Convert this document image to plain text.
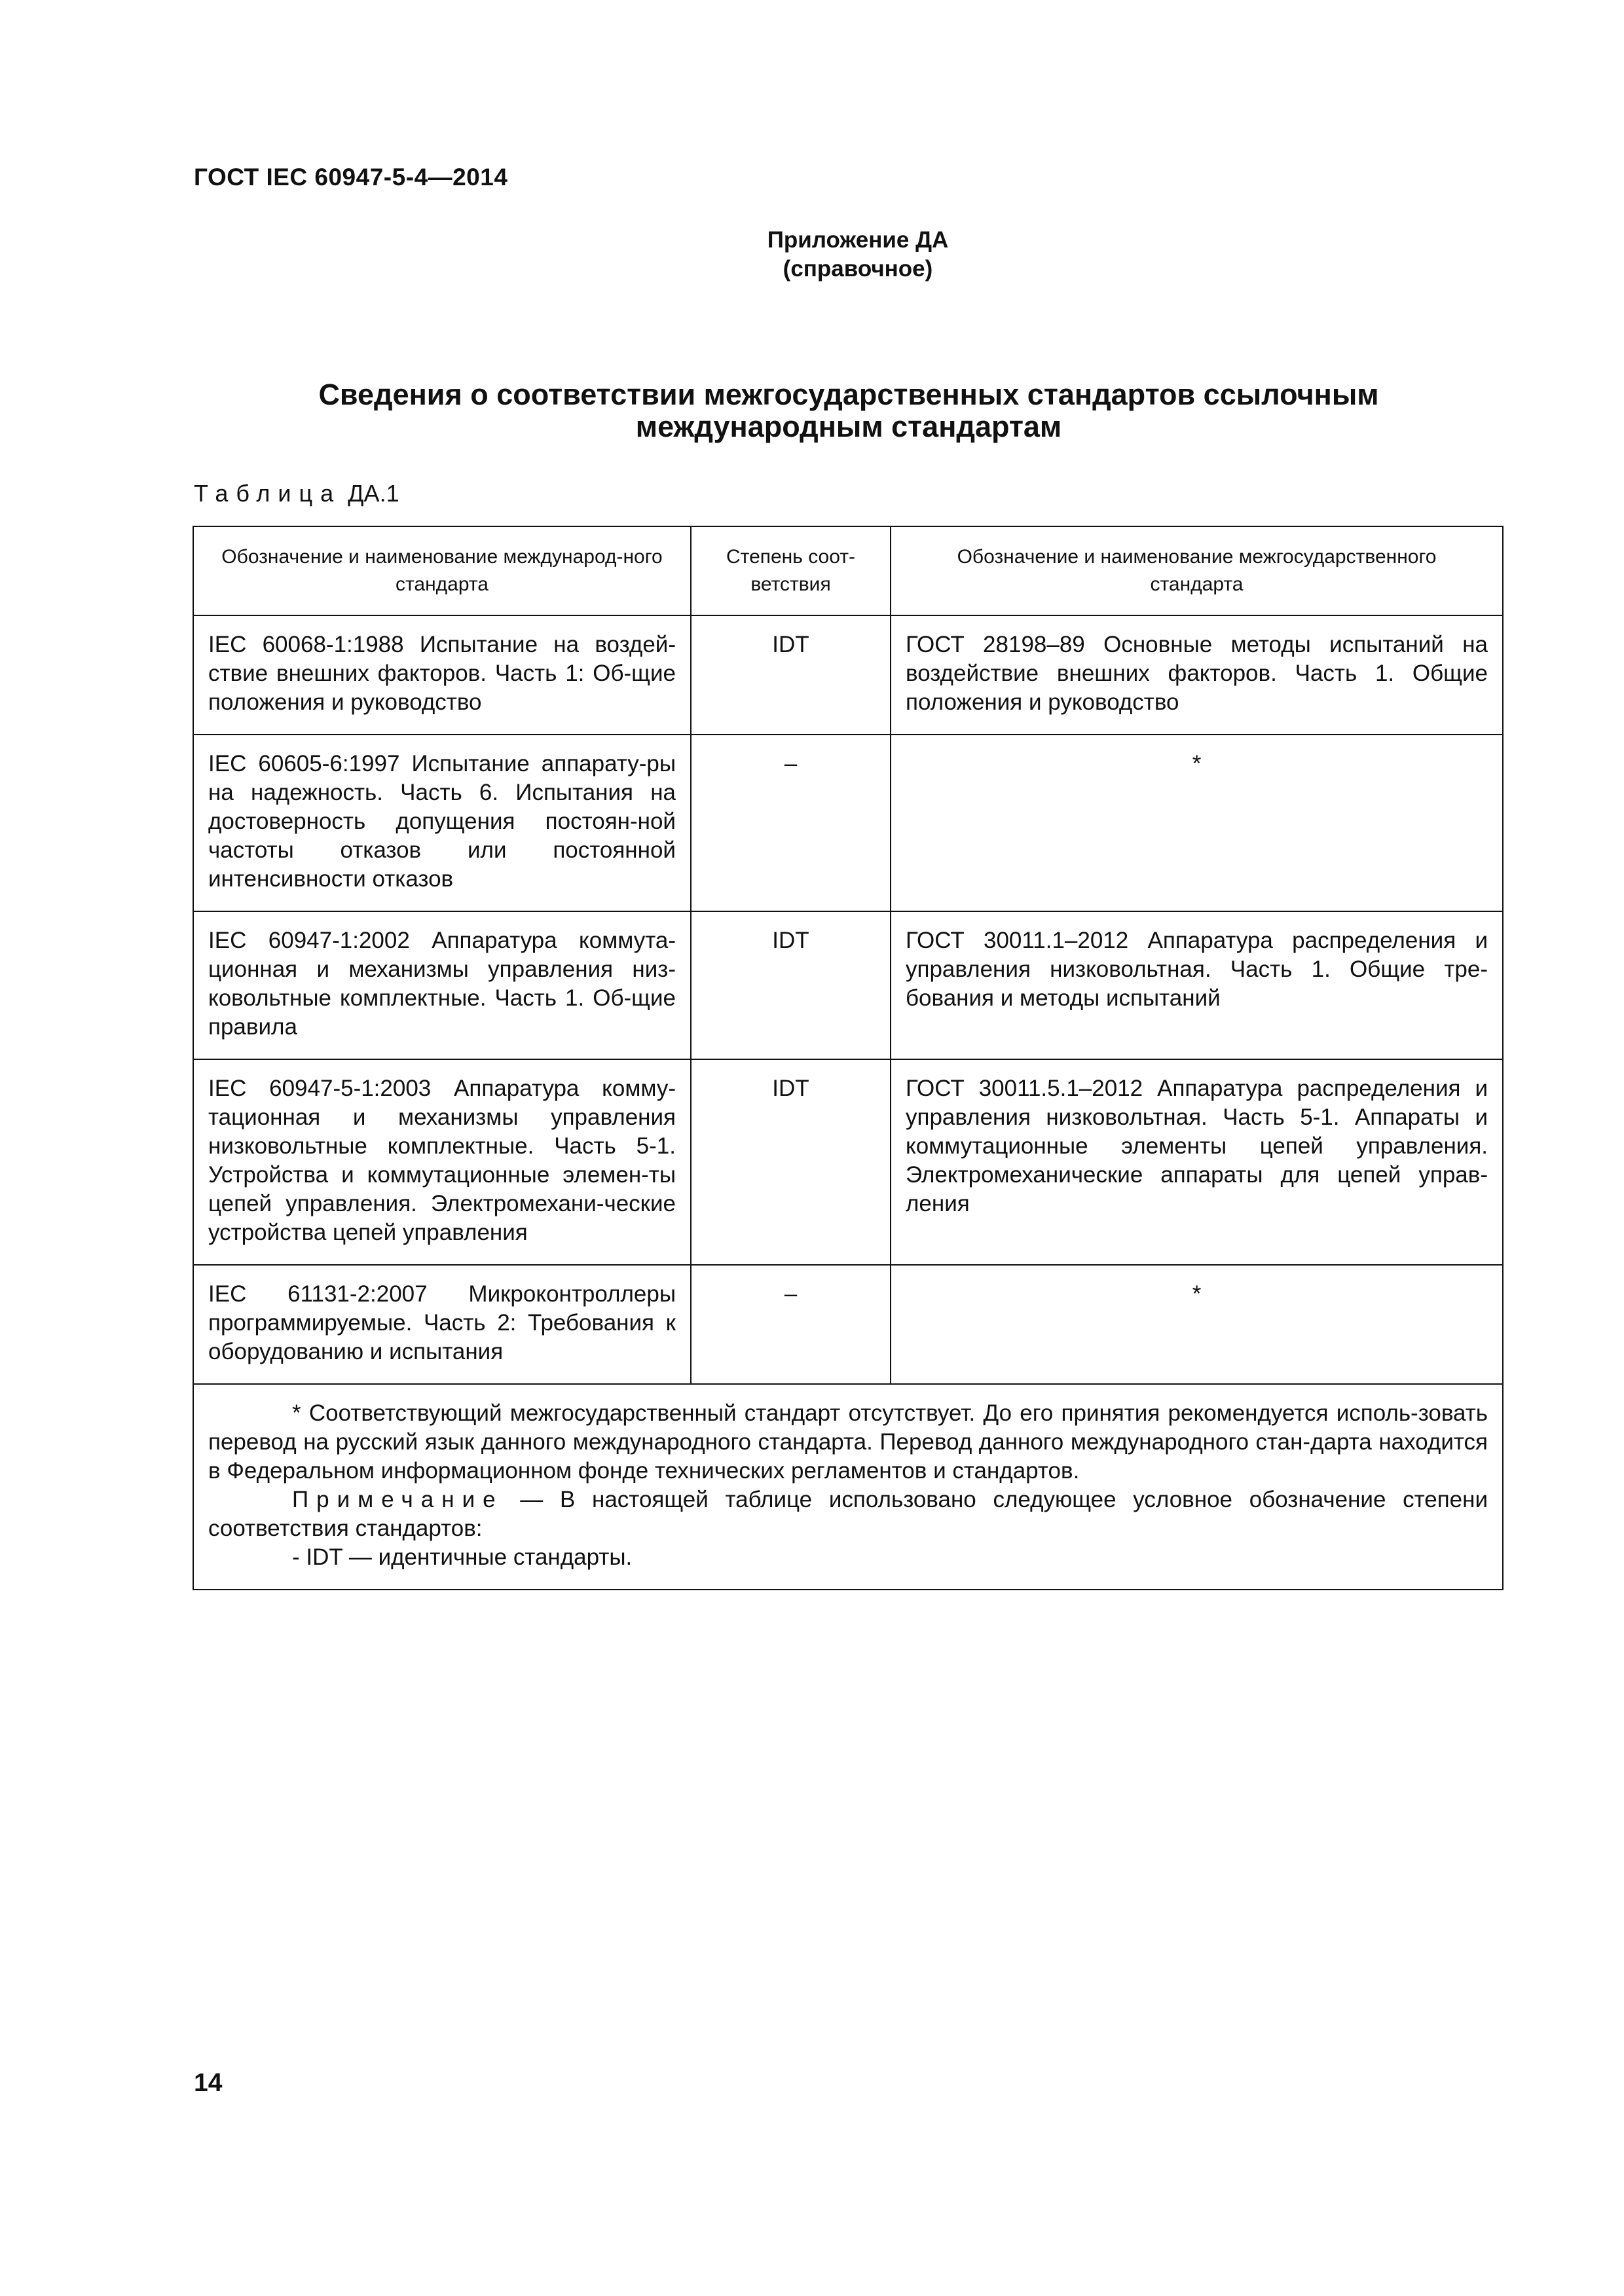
ГОСТ IEC 60947-5-4—2014
Приложение ДА
(справочное)
Сведения о соответствии межгосударственных стандартов ссылочным
международным стандартам
Таблица ДА.1
Обозначение и наименование международ-ного стандарта	Степень соот-ветствия	Обозначение и наименование межгосударственного стандарта
IEC 60068-1:1988 Испытание на воздей-ствие внешних факторов. Часть 1: Об-щие положения и руководство	IDT	ГОСТ 28198–89 Основные методы испытаний на воздействие внешних факторов. Часть 1. Общие положения и руководство
IEC 60605-6:1997 Испытание аппарату-ры на надежность. Часть 6. Испытания на достоверность допущения постоян-ной частоты отказов или постоянной интенсивности отказов	–	*
IEC 60947-1:2002 Аппаратура коммута-ционная и механизмы управления низ-ковольтные комплектные. Часть 1. Об-щие правила	IDT	ГОСТ 30011.1–2012 Аппаратура распределения и управления низковольтная. Часть 1. Общие тре-бования и методы испытаний
IEC 60947-5-1:2003 Аппаратура комму-тационная и механизмы управления низковольтные комплектные. Часть 5-1. Устройства и коммутационные элемен-ты цепей управления. Электромехани-ческие устройства цепей управления	IDT	ГОСТ 30011.5.1–2012 Аппаратура распределения и управления низковольтная. Часть 5-1. Аппараты и коммутационные элементы цепей управления. Электромеханические аппараты для цепей управ-ления
IEC 61131-2:2007 Микроконтроллеры программируемые. Часть 2: Требования к оборудованию и испытания	–	*

* Соответствующий межгосударственный стандарт отсутствует. До его принятия рекомендуется исполь-зовать перевод на русский язык данного международного стандарта. Перевод данного международного стан-дарта находится в Федеральном информационном фонде технических регламентов и стандартов.

Примечание — В настоящей таблице использовано следующее условное обозначение степени соответствия стандартов:

- IDT — идентичные стандарты.		

14
